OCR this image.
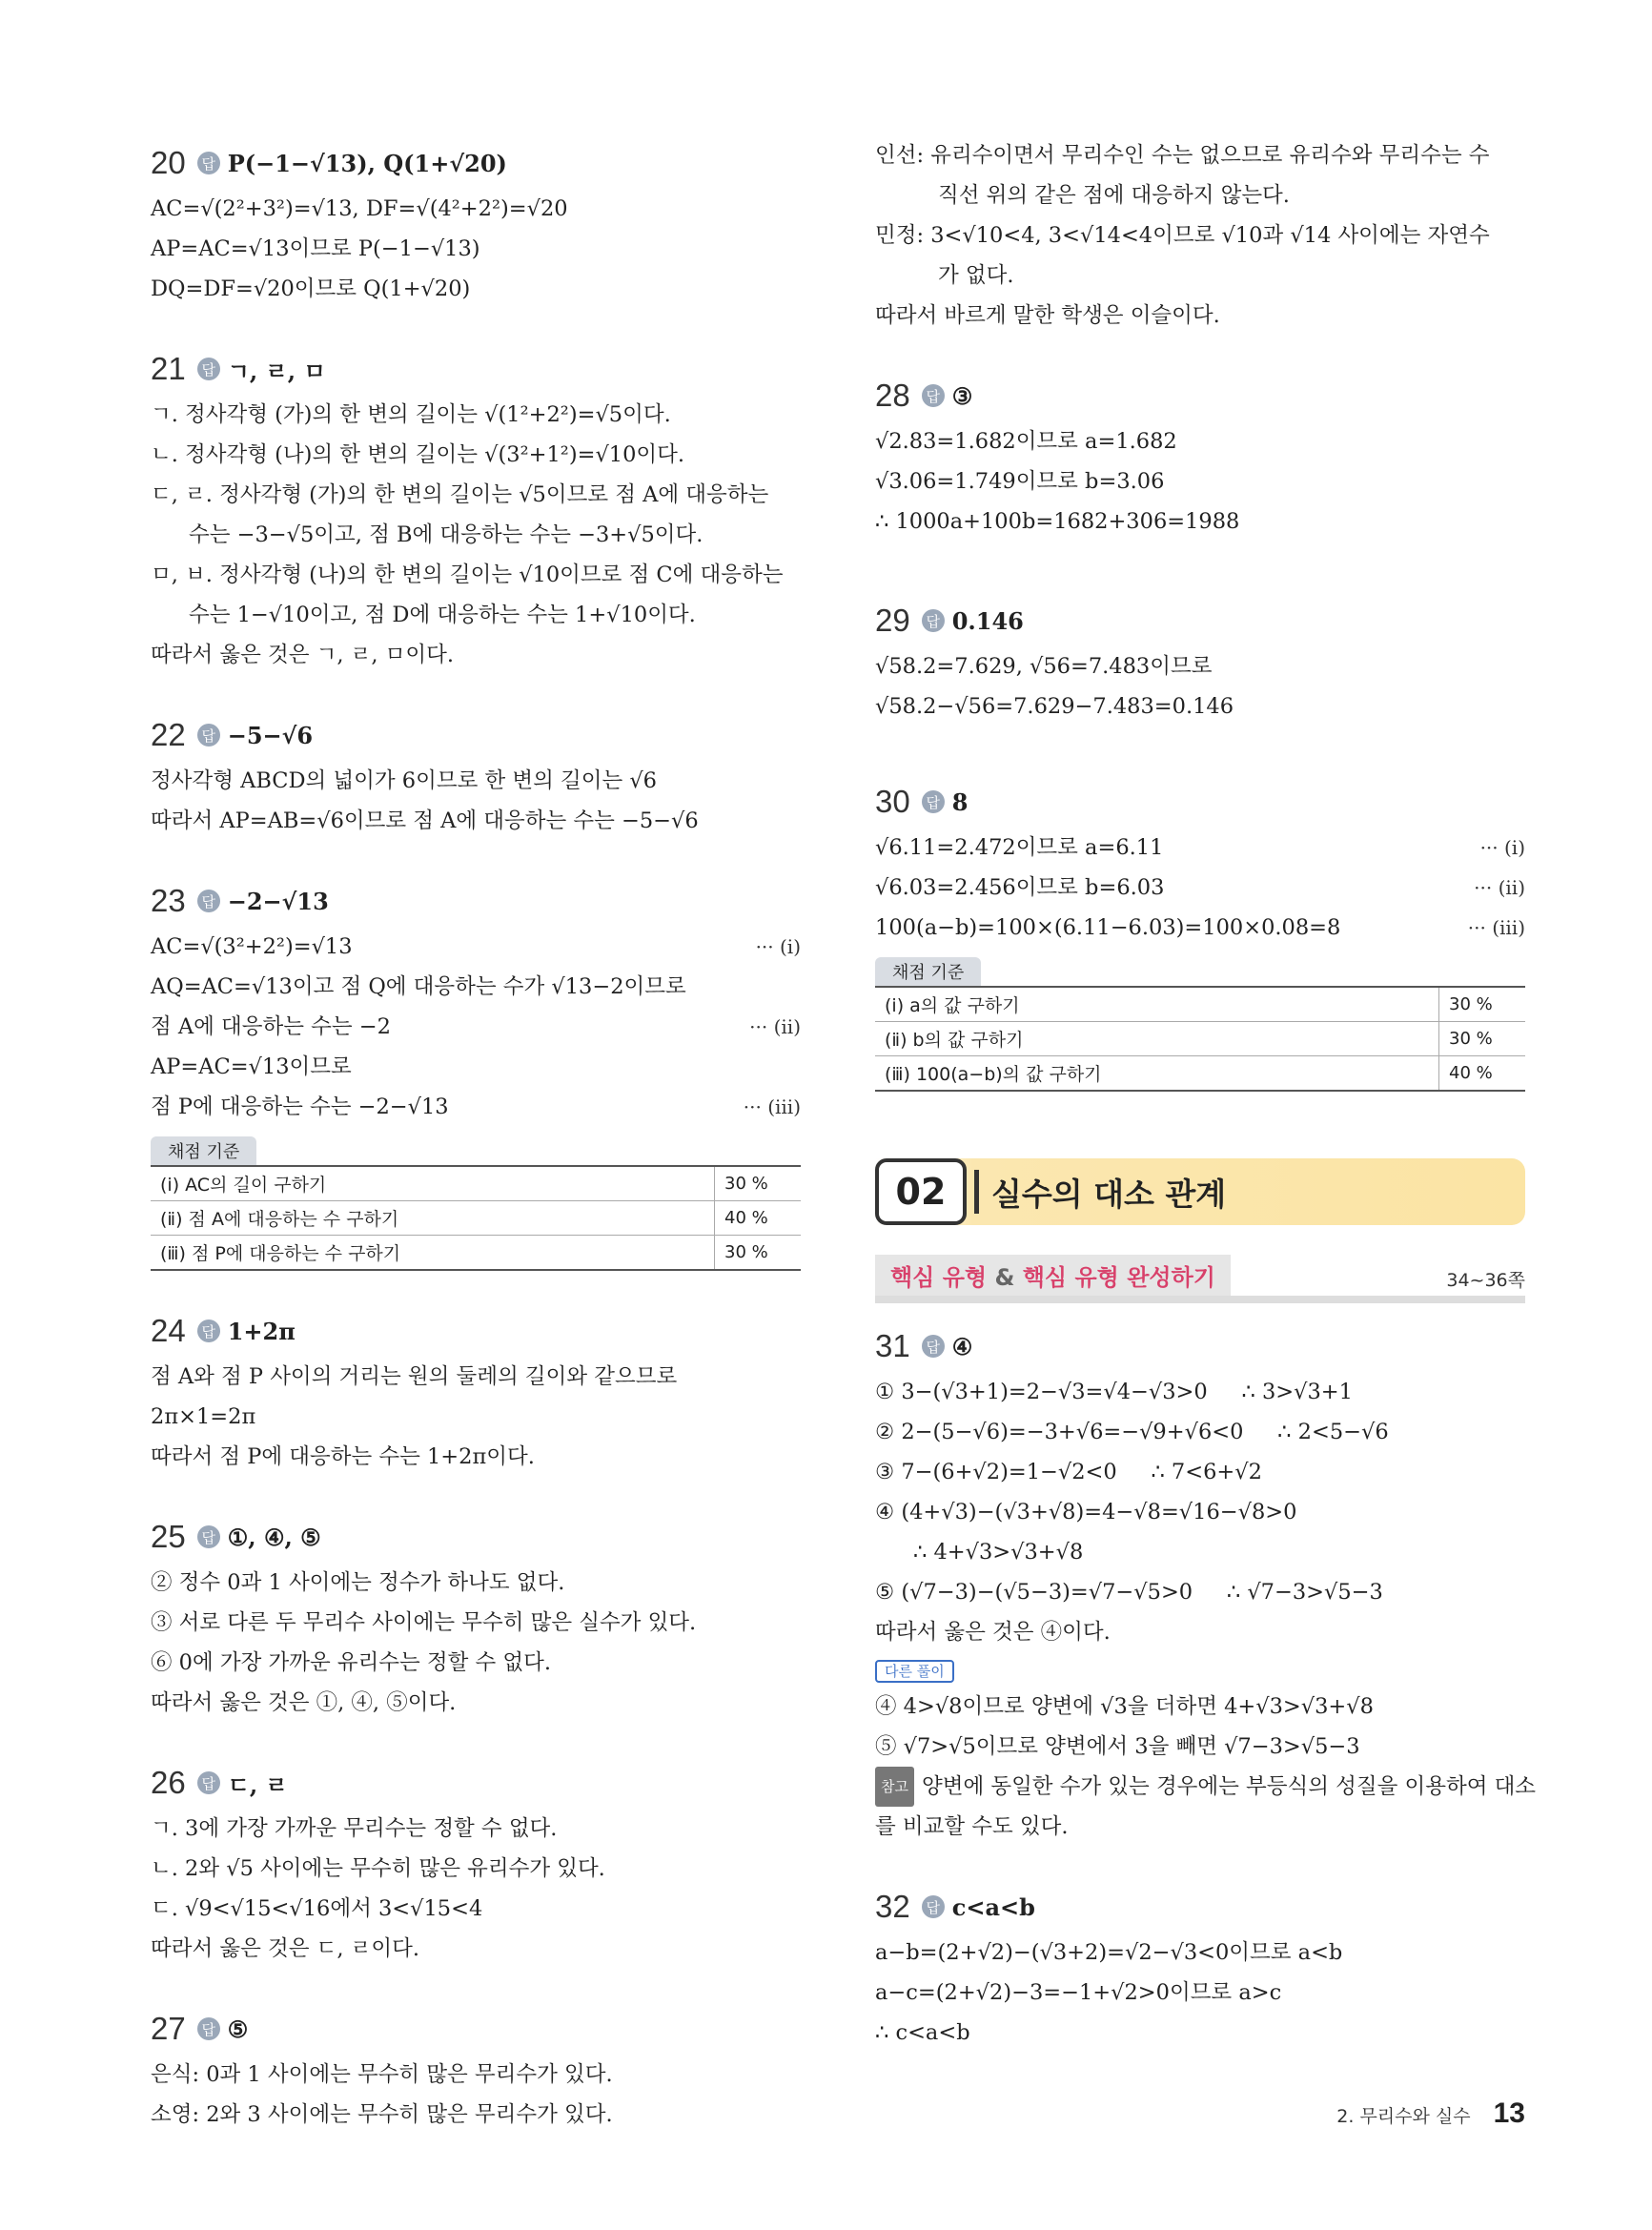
20	답 P(−1−√13), Q(1+√20)
AC=√(2²+3²)=√13, DF=√(4²+2²)=√20
AP=AC=√13이므로 P(−1−√13)
DQ=DF=√20이므로 Q(1+√20)
21	답 ㄱ, ㄹ, ㅁ
ㄱ. 정사각형 (가)의 한 변의 길이는 √(1²+2²)=√5이다.
ㄴ. 정사각형 (나)의 한 변의 길이는 √(3²+1²)=√10이다.
ㄷ, ㄹ. 정사각형 (가)의 한 변의 길이는 √5이므로 점 A에 대응하는
수는 −3−√5이고, 점 B에 대응하는 수는 −3+√5이다.
ㅁ, ㅂ. 정사각형 (나)의 한 변의 길이는 √10이므로 점 C에 대응하는
수는 1−√10이고, 점 D에 대응하는 수는 1+√10이다.
따라서 옳은 것은 ㄱ, ㄹ, ㅁ이다.
22	답 −5−√6
정사각형 ABCD의 넓이가 6이므로 한 변의 길이는 √6
따라서 AP=AB=√6이므로 점 A에 대응하는 수는 −5−√6
23	답 −2−√13
AC=√(3²+2²)=√13	··· (ⅰ)
AQ=AC=√13이고 점 Q에 대응하는 수가 √13−2이므로
점 A에 대응하는 수는 −2	··· (ⅱ)
AP=AC=√13이므로
점 P에 대응하는 수는 −2−√13	··· (ⅲ)
채점 기준
(ⅰ) AC의 길이 구하기	30 %
(ⅱ) 점 A에 대응하는 수 구하기	40 %
(ⅲ) 점 P에 대응하는 수 구하기	30 %
24	답 1+2π
점 A와 점 P 사이의 거리는 원의 둘레의 길이와 같으므로
2π×1=2π
따라서 점 P에 대응하는 수는 1+2π이다.
25	답 ①, ④, ⑤
② 정수 0과 1 사이에는 정수가 하나도 없다.
③ 서로 다른 두 무리수 사이에는 무수히 많은 실수가 있다.
⑥ 0에 가장 가까운 유리수는 정할 수 없다.
따라서 옳은 것은 ①, ④, ⑤이다.
26	답 ㄷ, ㄹ
ㄱ. 3에 가장 가까운 무리수는 정할 수 없다.
ㄴ. 2와 √5 사이에는 무수히 많은 유리수가 있다.
ㄷ. √9<√15<√16에서 3<√15<4
따라서 옳은 것은 ㄷ, ㄹ이다.
27	답 ⑤
은식: 0과 1 사이에는 무수히 많은 무리수가 있다.
소영: 2와 3 사이에는 무수히 많은 무리수가 있다.
인선: 유리수이면서 무리수인 수는 없으므로 유리수와 무리수는 수
직선 위의 같은 점에 대응하지 않는다.
민정: 3<√10<4, 3<√14<4이므로 √10과 √14 사이에는 자연수
가 없다.
따라서 바르게 말한 학생은 이슬이다.
28	답 ③
√2.83=1.682이므로 a=1.682
√3.06=1.749이므로 b=3.06
∴ 1000a+100b=1682+306=1988
29	답 0.146
√58.2=7.629, √56=7.483이므로
√58.2−√56=7.629−7.483=0.146
30	답 8
√6.11=2.472이므로 a=6.11	··· (ⅰ)
√6.03=2.456이므로 b=6.03	··· (ⅱ)
100(a−b)=100×(6.11−6.03)=100×0.08=8	··· (ⅲ)
채점 기준
(ⅰ) a의 값 구하기	30 %
(ⅱ) b의 값 구하기	30 %
(ⅲ) 100(a−b)의 값 구하기	40 %
02	실수의 대소 관계
핵심 유형 & 핵심 유형 완성하기	34~36쪽
31	답 ④
① 3−(√3+1)=2−√3=√4−√3>0     ∴ 3>√3+1
② 2−(5−√6)=−3+√6=−√9+√6<0     ∴ 2<5−√6
③ 7−(6+√2)=1−√2<0     ∴ 7<6+√2
④ (4+√3)−(√3+√8)=4−√8=√16−√8>0
∴ 4+√3>√3+√8
⑤ (√7−3)−(√5−3)=√7−√5>0     ∴ √7−3>√5−3
따라서 옳은 것은 ④이다.
다른 풀이
④ 4>√8이므로 양변에 √3을 더하면 4+√3>√3+√8
⑤ √7>√5이므로 양변에서 3을 빼면 √7−3>√5−3
참고 양변에 동일한 수가 있는 경우에는 부등식의 성질을 이용하여 대소
를 비교할 수도 있다.
32	답 c<a<b
a−b=(2+√2)−(√3+2)=√2−√3<0이므로 a<b
a−c=(2+√2)−3=−1+√2>0이므로 a>c
∴ c<a<b
2. 무리수와 실수 13
